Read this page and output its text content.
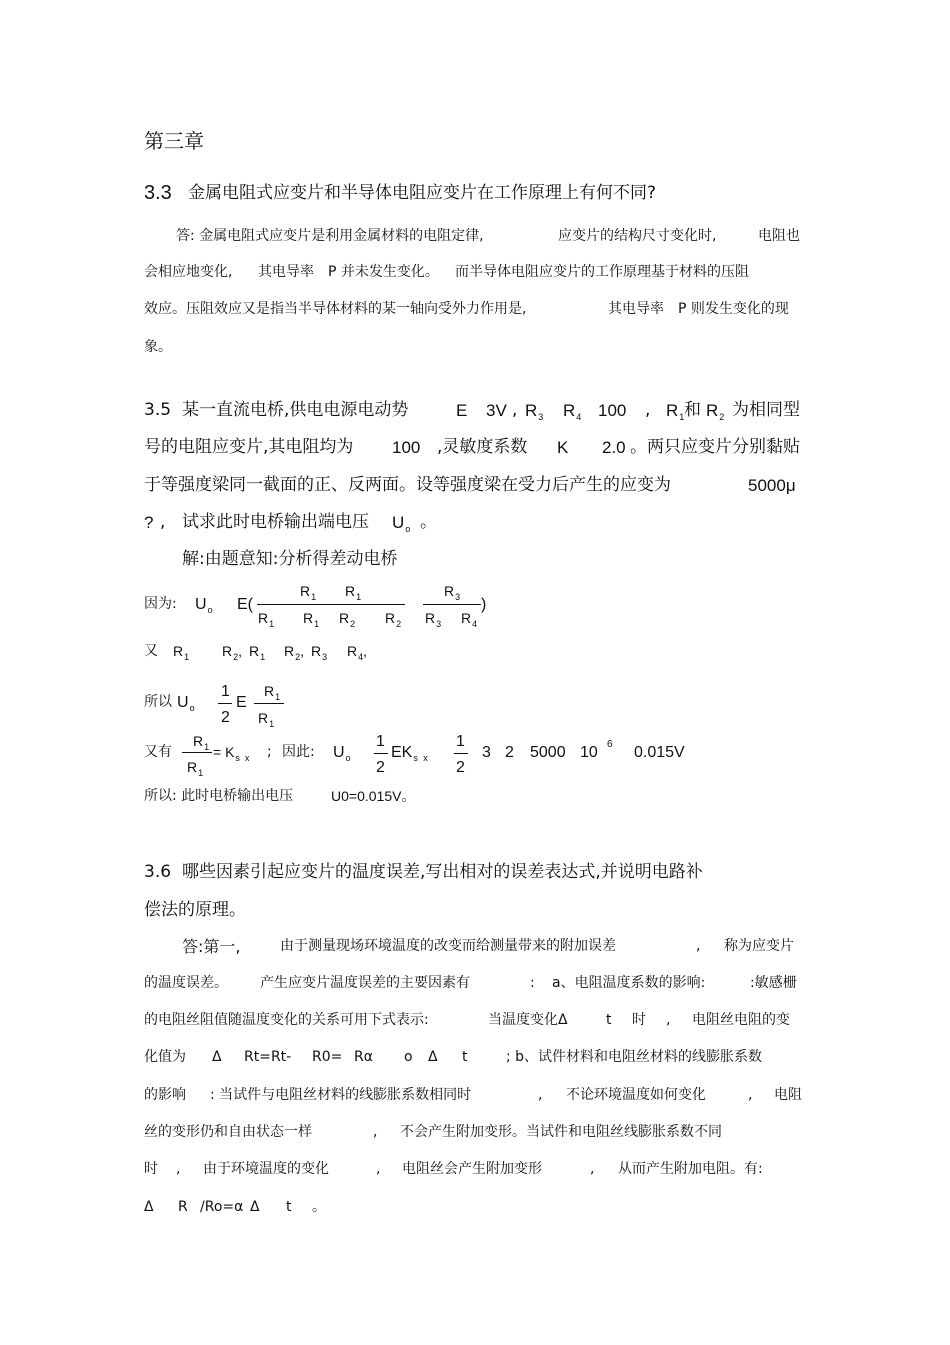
第三章
3.3 金属电阻式应变片和半导体电阻应变片在工作原理上有何不同?
答: 金属电阻式应变片是利用金属材料的电阻定律,	应变片的结构尺寸变化时,	电阻也
会相应地变化, 其电导率 P 并未发生变化。 而半导体电阻应变片的工作原理基于材料的压阻
效应。压阻效应又是指当半导体材料的某一轴向受外力作用是,	其电导率 P 则发生变化的现
象。
3.5 某一直流电桥,供电电源电动势	E 3V , $R_3$ $R_4$ 100 , $R_1$ 和 $R_2$ 为相同型
号的电阻应变片,其电阻均为 100 ,灵敏度系数 K 2.0 。两只应变片分别黏贴
于等强度梁同一截面的正、反两面。设等强度梁在受力后产生的应变为	5000μ
? , 试求此时电桥输出端电压 $U_o$ 。
解:由题意知:分析得差动电桥
因为: $U_o$ E(
$R_1$ $R_1$
$R_1$ $R_1$ $R_2$ $R_2$
$R_3$
$R_3$ $R_4$
)
又 $R_1$ $R_2$, $R_1$ $R_2$, $R_3$ $R_4$,
所以 $U_o$
1
2
E
$R_1$
$R_1$
又有
$R_1$
$R_1$
= $K_s$ $_x$ ; 因此: $U_o$
1
2
$EK_s$ $_x$
1
2
3 2 5000 10 6 0.015V
所以: 此时电桥输出电压	U0=0.015V。
3.6 哪些因素引起应变片的温度误差,写出相对的误差表达式,并说明电路补
偿法的原理。
答:第一,	由于测量现场环境温度的改变而给测量带来的附加误差	, 称为应变片
的温度误差。 产生应变片温度误差的主要因素有	: a、电阻温度系数的影响:	:敏感栅
的电阻丝阻值随温度变化的关系可用下式表示:	当温度变化Δ	t 时 , 电阻丝电阻的变
化值为 Δ Rt=Rt- R0= Rα o Δ t	; b、试件材料和电阻丝材料的线膨胀系数
的影响 : 当试件与电阻丝材料的线膨胀系数相同时	, 不论环境温度如何变化	, 电阻
丝的变形仍和自由状态一样	, 不会产生附加变形。当试件和电阻丝线膨胀系数不同
时 , 由于环境温度的变化	, 电阻丝会产生附加变形	, 从而产生附加电阻。有:
Δ R /Ro=α Δ t 。
